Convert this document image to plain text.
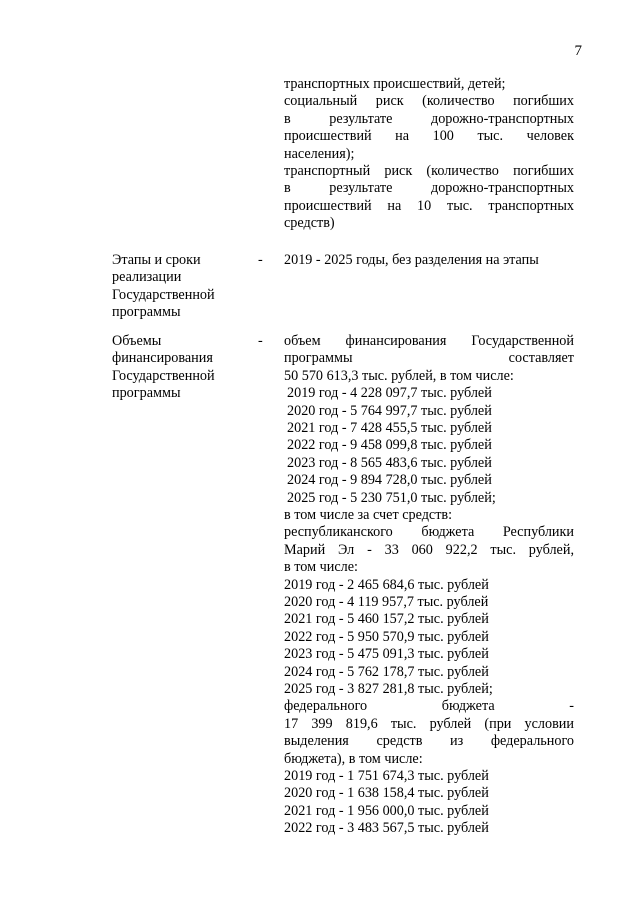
7
транспортных происшествий, детей;
социальный риск (количество погибших
в результате дорожно-транспортных
происшествий на 100 тыс. человек
населения);
транспортный риск (количество погибших
в результате дорожно-транспортных
происшествий на 10 тыс. транспортных
средств)
Этапы и сроки
реализации
Государственной
программы
- 2019 - 2025 годы, без разделения на этапы
Объемы
финансирования
Государственной
программы
- объем финансирования Государственной
программы составляет
50 570 613,3 тыс. рублей, в том числе:
2019 год - 4 228 097,7 тыс. рублей
2020 год - 5 764 997,7 тыс. рублей
2021 год - 7 428 455,5 тыс. рублей
2022 год - 9 458 099,8 тыс. рублей
2023 год - 8 565 483,6 тыс. рублей
2024 год - 9 894 728,0 тыс. рублей
2025 год - 5 230 751,0 тыс. рублей;
в том числе за счет средств:
республиканского бюджета Республики
Марий Эл - 33 060 922,2 тыс. рублей,
в том числе:
2019 год - 2 465 684,6 тыс. рублей
2020 год - 4 119 957,7 тыс. рублей
2021 год - 5 460 157,2 тыс. рублей
2022 год - 5 950 570,9 тыс. рублей
2023 год - 5 475 091,3 тыс. рублей
2024 год - 5 762 178,7 тыс. рублей
2025 год - 3 827 281,8 тыс. рублей;
федерального бюджета -
17 399 819,6 тыс. рублей (при условии
выделения средств из федерального
бюджета), в том числе:
2019 год - 1 751 674,3 тыс. рублей
2020 год - 1 638 158,4 тыс. рублей
2021 год - 1 956 000,0 тыс. рублей
2022 год - 3 483 567,5 тыс. рублей
